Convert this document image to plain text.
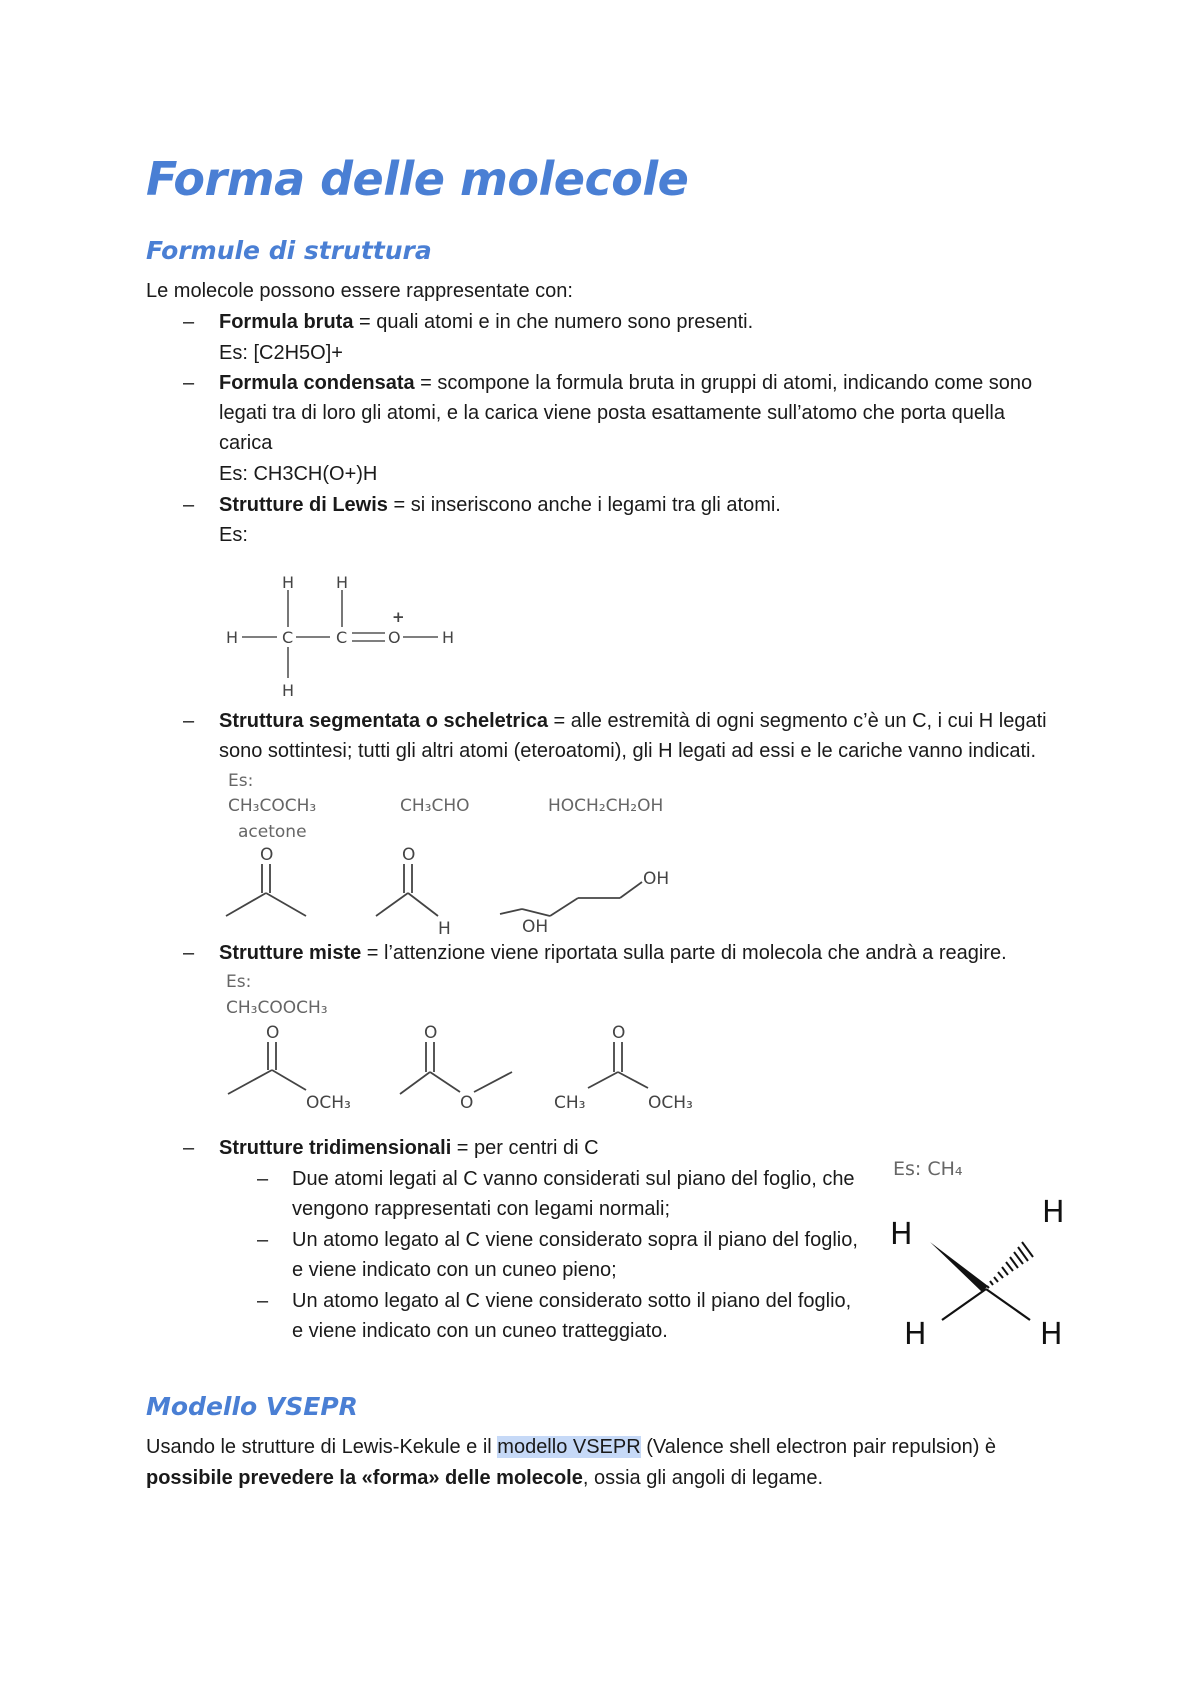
Forma delle molecole
Formule di struttura
Le molecole possono essere rappresentate con:
– Formula bruta = quali atomi e in che numero sono presenti.
Es: [C2H5O]+
– Formula condensata = scompone la formula bruta in gruppi di atomi, indicando come sono
legati tra di loro gli atomi, e la carica viene posta esattamente sull’atomo che porta quella
carica
Es: CH3CH(O+)H
– Strutture di Lewis = si inseriscono anche i legami tra gli atomi.
Es:
H	H
H	C	C	O
+
H
H
– Struttura segmentata o scheletrica = alle estremità di ogni segmento c’è un C, i cui H legati
sono sottintesi; tutti gli altri atomi (eteroatomi), gli H legati ad essi e le cariche vanno indicati.
Es:
CH₃COCH₃	CH₃CHO	HOCH₂CH₂OH
acetone
O	O
H	OH
OH
– Strutture miste = l’attenzione viene riportata sulla parte di molecola che andrà a reagire.
Es:
CH₃COOCH₃
O
OCH₃
O
O
O
CH₃	OCH₃
– Strutture tridimensionali = per centri di C
– Due atomi legati al C vanno considerati sul piano del foglio, che
vengono rappresentati con legami normali;
– Un atomo legato al C viene considerato sopra il piano del foglio,
e viene indicato con un cuneo pieno;
– Un atomo legato al C viene considerato sotto il piano del foglio,
e viene indicato con un cuneo tratteggiato.
Es: CH₄
H
H
H	H
Modello VSEPR
Usando le strutture di Lewis-Kekule e il modello VSEPR (Valence shell electron pair repulsion) è
possibile prevedere la «forma» delle molecole, ossia gli angoli di legame.
